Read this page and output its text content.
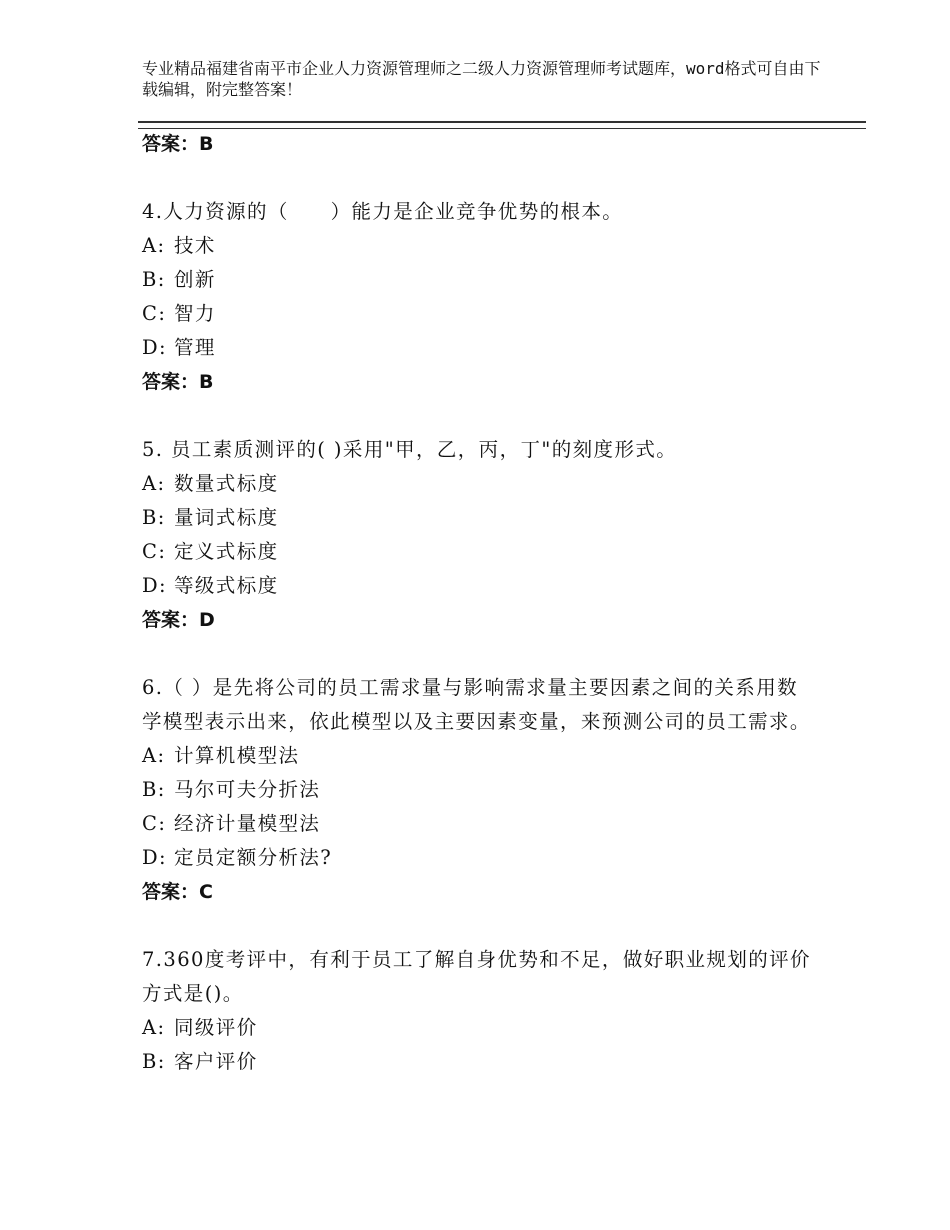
专业精品福建省南平市企业人力资源管理师之二级人力资源管理师考试题库，word格式可自由下载编辑，附完整答案！
答案：B
4.人力资源的（　　）能力是企业竞争优势的根本。
A: 技术
B: 创新
C: 智力
D: 管理
答案：B
5. 员工素质测评的( )采用"甲，乙，丙，丁"的刻度形式。
A: 数量式标度
B: 量词式标度
C: 定义式标度
D: 等级式标度
答案：D
6.（ ）是先将公司的员工需求量与影响需求量主要因素之间的关系用数学模型表示出来，依此模型以及主要因素变量，来预测公司的员工需求。
A: 计算机模型法
B: 马尔可夫分折法
C: 经济计量模型法
D: 定员定额分析法?
答案：C
7.360度考评中，有利于员工了解自身优势和不足，做好职业规划的评价方式是()。
A: 同级评价
B: 客户评价
